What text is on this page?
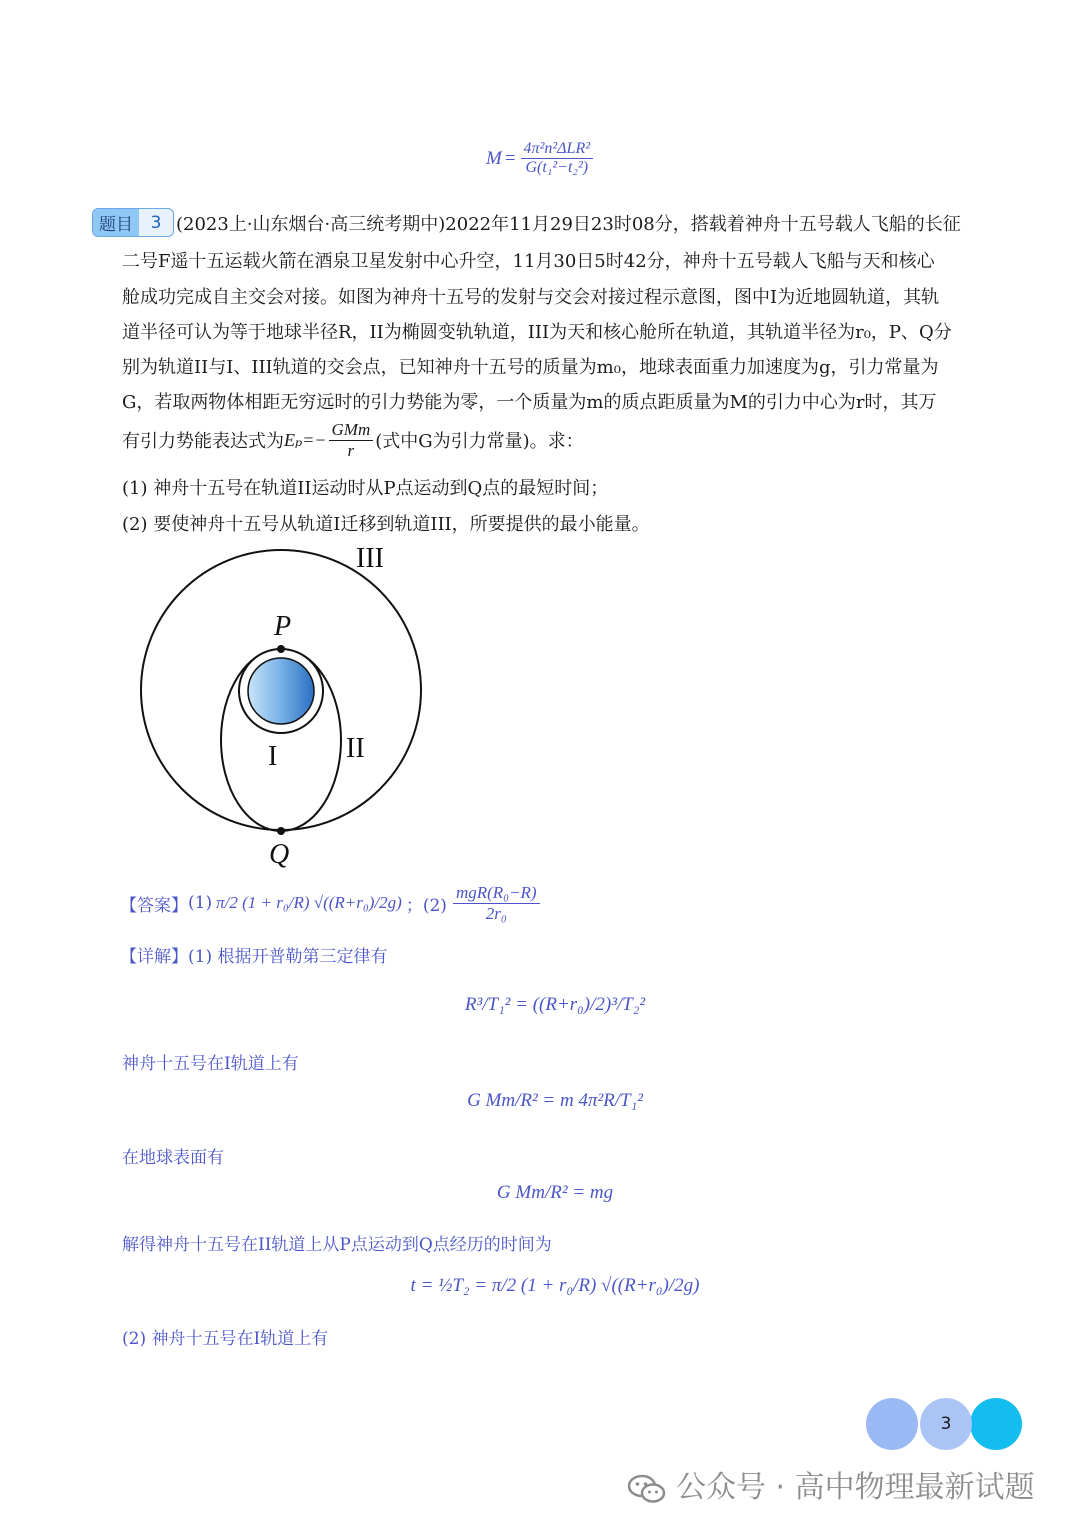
$M = \frac{\text{4π²n²ΔLR²}}{\text{G(t₁²−t₂²)}}$
题目	3 (2023上·山东烟台·高三统考期中)2022年11月29日23时08分，搭载着神舟十五号载人飞船的长征
二号F遥十五运载火箭在酒泉卫星发射中心升空，11月30日5时42分，神舟十五号载人飞船与天和核心
舱成功完成自主交会对接。如图为神舟十五号的发射与交会对接过程示意图，图中I为近地圆轨道，其轨
道半径可认为等于地球半径R，II为椭圆变轨轨道，III为天和核心舱所在轨道，其轨道半径为r₀，P、Q分
别为轨道II与I、III轨道的交会点，已知神舟十五号的质量为m₀，地球表面重力加速度为g，引力常量为
G，若取两物体相距无穷远时的引力势能为零，一个质量为m的质点距质量为M的引力中心为r时，其万
有引力势能表达式为 $E_p=- \frac{\text{GMm}}{r}$ (式中G为引力常量)。求：
(1) 神舟十五号在轨道II运动时从P点运动到Q点的最短时间；
(2) 要使神舟十五号从轨道I迁移到轨道III，所要提供的最小能量。
III
II
I
P
Q
【答案】 (1) π/2 (1 + r₀/R) √((R+r₀)/2g) ；$(2) \frac{\text{mgR(R₀−R)}}{\text{2r₀}}$
【详解】(1) 根据开普勒第三定律有
R³/T₁² = ((R+r₀)/2)³/T₂²
神舟十五号在I轨道上有
G Mm/R² = m 4π²R/T₁²
在地球表面有
G Mm/R² = mg
解得神舟十五号在II轨道上从P点运动到Q点经历的时间为
t = ½T₂ = π/2 (1 + r₀/R) √((R+r₀)/2g)
(2) 神舟十五号在I轨道上有
3
公众号 · 高中物理最新试题
